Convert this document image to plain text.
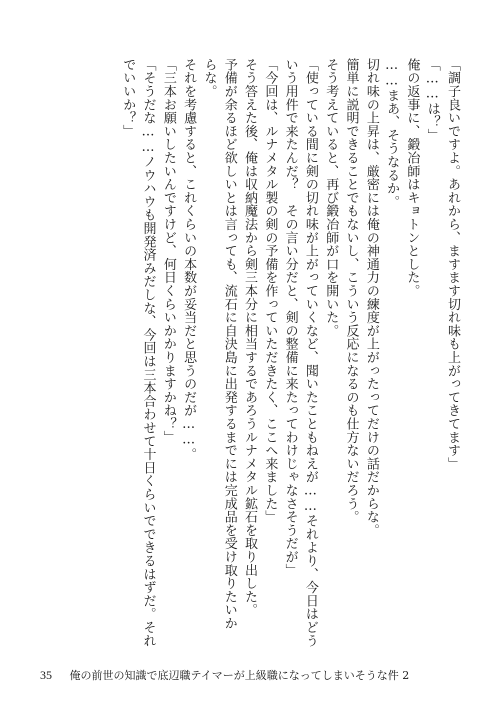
「調子良いですよ。あれから、ますます切れ味も上がってきてます」
「……は？」
俺の返事に、鍛冶師はキョトンとした。
……まあ、そうなるか。
切れ味の上昇は、厳密には俺の神通力の練度が上がったってだけの話だからな。
簡単に説明できることでもないし、こういう反応になるのも仕方ないだろう。
そう考えていると、再び鍛冶師が口を開いた。
「使っている間に剣の切れ味が上がっていくなど、聞いたこともねえが……それより、今日はどう
いう用件で来たんだ？　その言い分だと、剣の整備に来たってわけじゃなさそうだが」
「今回は、ルナメタル製の剣の予備を作っていただきたく、ここへ来ました」
そう答えた後、俺は収納魔法から剣三本分に相当するであろうルナメタル鉱石を取り出した。
予備が余るほど欲しいとは言っても、流石に自決島に出発するまでには完成品を受け取りたいか
らな。
それを考慮すると、これくらいの本数が妥当だと思うのだが……。
「三本お願いしたいんですけど、何日くらいかかりますかね？」
「そうだな……ノウハウも開発済みだしな、今回は三本合わせて十日くらいでできるはずだ。それ
でいいか？」
35 俺の前世の知識で底辺職テイマーが上級職になってしまいそうな件 2
